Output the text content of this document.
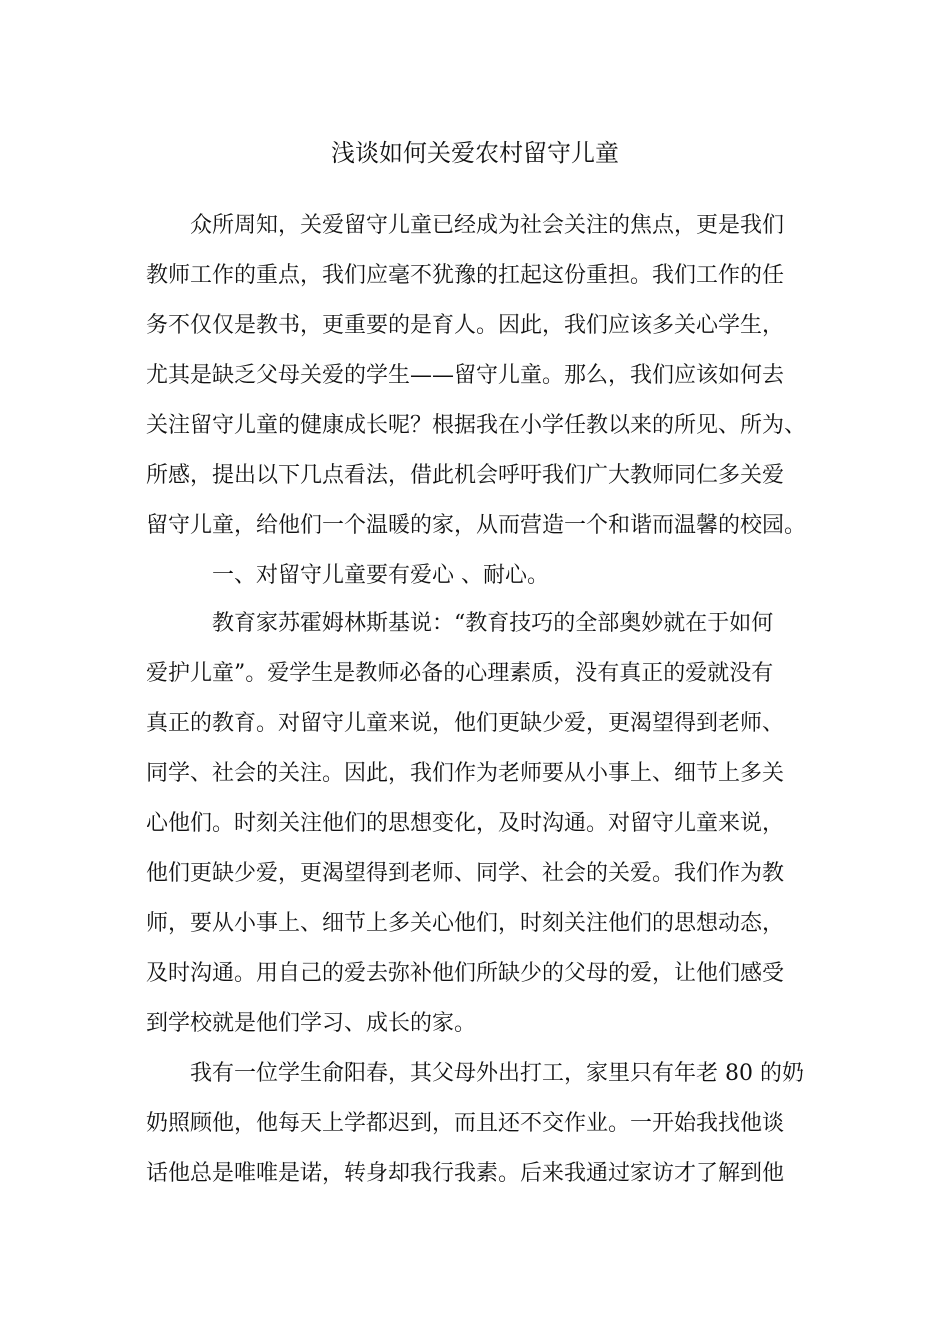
浅谈如何关爱农村留守儿童
众所周知，关爱留守儿童已经成为社会关注的焦点，更是我们
教师工作的重点，我们应毫不犹豫的扛起这份重担。我们工作的任
务不仅仅是教书，更重要的是育人。因此，我们应该多关心学生，
尤其是缺乏父母关爱的学生——留守儿童。那么，我们应该如何去
关注留守儿童的健康成长呢？根据我在小学任教以来的所见、所为、
所感，提出以下几点看法，借此机会呼吁我们广大教师同仁多关爱
留守儿童，给他们一个温暖的家，从而营造一个和谐而温馨的校园。
一、对留守儿童要有爱心 、耐心。
教育家苏霍姆林斯基说：“教育技巧的全部奥妙就在于如何
爱护儿童”。爱学生是教师必备的心理素质，没有真正的爱就没有
真正的教育。对留守儿童来说，他们更缺少爱，更渴望得到老师、
同学、社会的关注。因此，我们作为老师要从小事上、细节上多关
心他们。时刻关注他们的思想变化，及时沟通。对留守儿童来说，
他们更缺少爱，更渴望得到老师、同学、社会的关爱。我们作为教
师，要从小事上、细节上多关心他们，时刻关注他们的思想动态，
及时沟通。用自己的爱去弥补他们所缺少的父母的爱，让他们感受
到学校就是他们学习、成长的家。
我有一位学生俞阳春，其父母外出打工，家里只有年老 80 的奶
奶照顾他，他每天上学都迟到，而且还不交作业。一开始我找他谈
话他总是唯唯是诺，转身却我行我素。后来我通过家访才了解到他
